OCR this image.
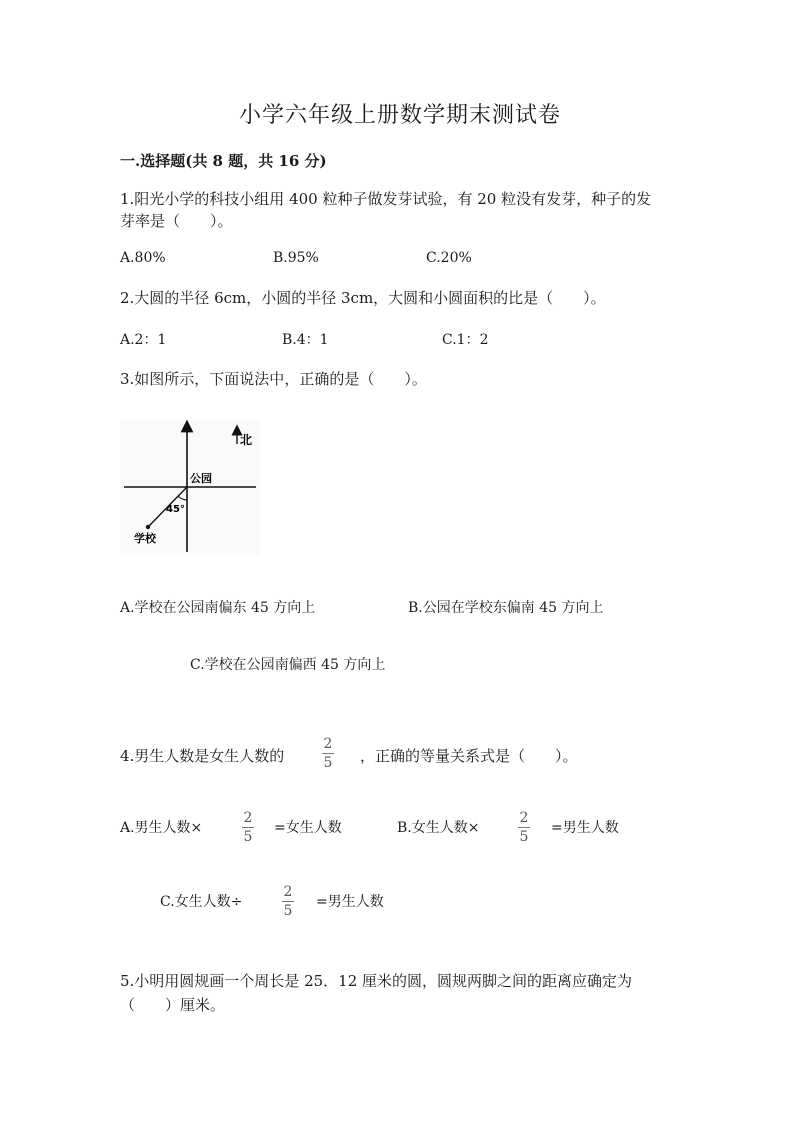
小学六年级上册数学期末测试卷
一.选择题(共 8 题，共 16 分)
1.阳光小学的科技小组用 400 粒种子做发芽试验，有 20 粒没有发芽，种子的发
芽率是（　　）。
A.80%	B.95%	C.20%
2.大圆的半径 6cm，小圆的半径 3cm，大圆和小圆面积的比是（　　）。
A.2：1	B.4：1	C.1：2
3.如图所示，下面说法中，正确的是（　　）。
北
公园
45°
学校
A.学校在公园南偏东 45 方向上	B.公园在学校东偏南 45 方向上
C.学校在公园南偏西 45 方向上
4.男生人数是女生人数的
2
5 ，正确的等量关系式是（　　）。
A.男生人数×
2
5
=女生人数	B.女生人数×
2
5
=男生人数
C.女生人数÷
2
5
=男生人数
5.小明用圆规画一个周长是 25．12 厘米的圆，圆规两脚之间的距离应确定为
（　　）厘米。
